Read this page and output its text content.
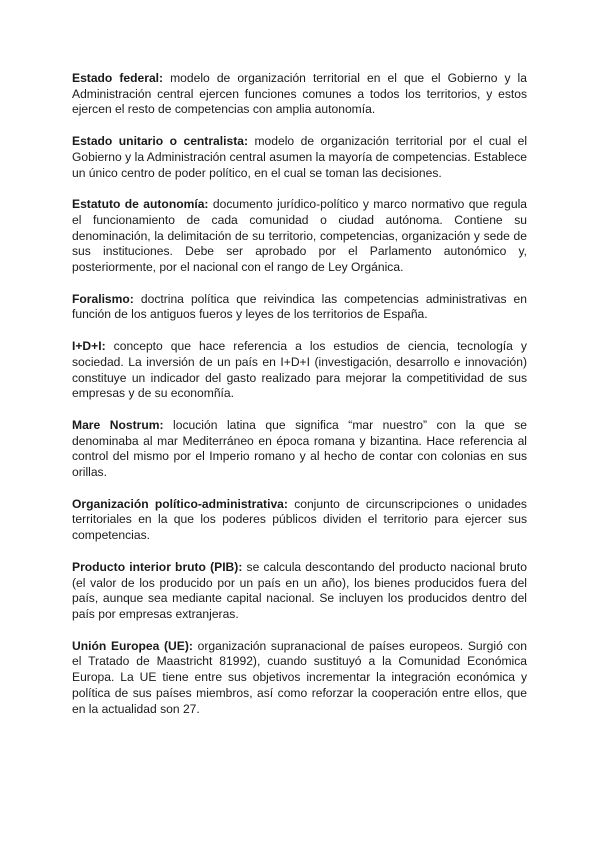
Estado federal: modelo de organización territorial en el que el Gobierno y la Administración central ejercen funciones comunes a todos los territorios, y estos ejercen el resto de competencias con amplia autonomía.

Estado unitario o centralista: modelo de organización territorial por el cual el Gobierno y la Administración central asumen la mayoría de competencias. Establece un único centro de poder político, en el cual se toman las decisiones.

Estatuto de autonomía: documento jurídico-político y marco normativo que regula el funcionamiento de cada comunidad o ciudad autónoma. Contiene su denominación, la delimitación de su territorio, competencias, organización y sede de sus instituciones. Debe ser aprobado por el Parlamento autonómico y, posteriormente, por el nacional con el rango de Ley Orgánica.

Foralismo: doctrina política que reivindica las competencias administrativas en función de los antiguos fueros y leyes de los territorios de España.

I+D+I: concepto que hace referencia a los estudios de ciencia, tecnología y sociedad. La inversión de un país en I+D+I (investigación, desarrollo e innovación) constituye un indicador del gasto realizado para mejorar la competitividad de sus empresas y de su economñía.

Mare Nostrum: locución latina que significa “mar nuestro” con la que se denominaba al mar Mediterráneo en época romana y bizantina. Hace referencia al control del mismo por el Imperio romano y al hecho de contar con colonias en sus orillas.

Organización político-administrativa: conjunto de circunscripciones o unidades territoriales en la que los poderes públicos dividen el territorio para ejercer sus competencias.

Producto interior bruto (PIB): se calcula descontando del producto nacional bruto (el valor de los producido por un país en un año), los bienes producidos fuera del país, aunque sea mediante capital nacional. Se incluyen los producidos dentro del país por empresas extranjeras.

Unión Europea (UE): organización supranacional de países europeos. Surgió con el Tratado de Maastricht 81992), cuando sustituyó a la Comunidad Económica Europa. La UE tiene entre sus objetivos incrementar la integración económica y política de sus países miembros, así como reforzar la cooperación entre ellos, que en la actualidad son 27.
